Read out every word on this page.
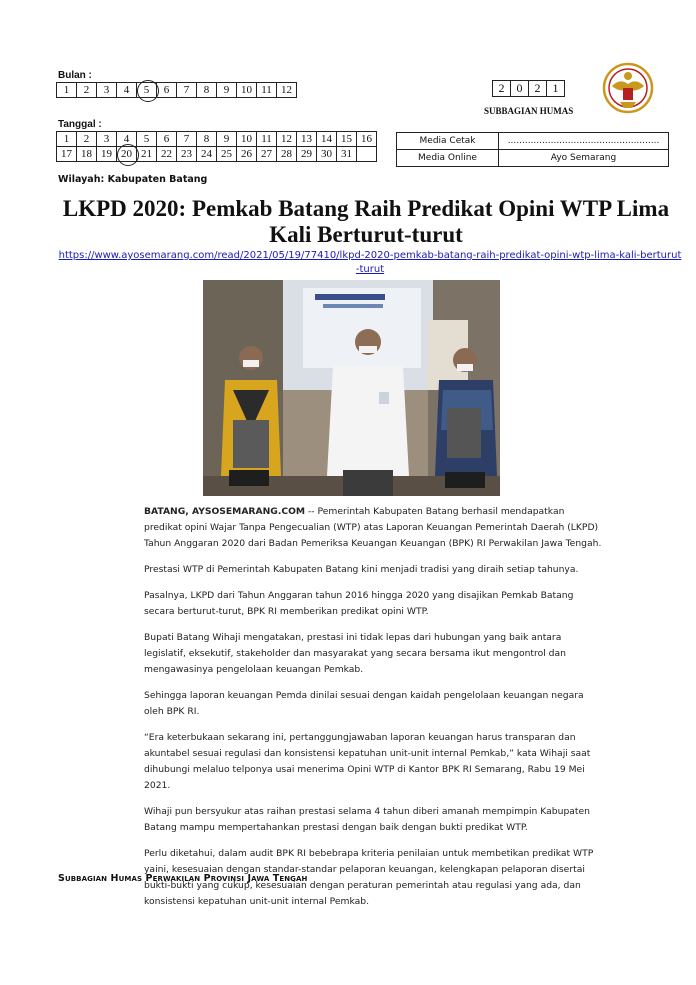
Bulan :
1	2	3	4	5	6	7	8	9	10	11	12	2	0	2	1
SUBBAGIAN HUMAS
Tanggal :
1	2	3	4	5	6	7	8	9	10	11	12	13	14	15	16
17	18	19	20	21	22	23	24	25	26	27	28	29	30	31	
Media Cetak	.....................................................
Media Online	Ayo Semarang
Wilayah: Kabupaten Batang
LKPD 2020: Pemkab Batang Raih Predikat Opini WTP Lima Kali Berturut-turut
https://www.ayosemarang.com/read/2021/05/19/77410/lkpd-2020-pemkab-batang-raih-predikat-opini-wtp-lima-kali-berturut-turut

BATANG, AYSOSEMARANG.COM -- Pemerintah Kabupaten Batang berhasil mendapatkan predikat opini Wajar Tanpa Pengecualian (WTP) atas Laporan Keuangan Pemerintah Daerah (LKPD) Tahun Anggaran 2020 dari Badan Pemeriksa Keuangan Keuangan (BPK) RI Perwakilan Jawa Tengah.

Prestasi WTP di Pemerintah Kabupaten Batang kini menjadi tradisi yang diraih setiap tahunya.

Pasalnya, LKPD dari Tahun Anggaran tahun 2016 hingga 2020 yang disajikan Pemkab Batang secara berturut-turut, BPK RI memberikan predikat opini WTP.

Bupati Batang Wihaji mengatakan, prestasi ini tidak lepas dari hubungan yang baik antara legislatif, eksekutif, stakeholder dan masyarakat yang secara bersama ikut mengontrol dan mengawasinya pengelolaan keuangan Pemkab.

Sehingga laporan keuangan Pemda dinilai sesuai dengan kaidah pengelolaan keuangan negara oleh BPK RI.

“Era keterbukaan sekarang ini, pertanggungjawaban laporan keuangan harus transparan dan akuntabel sesuai regulasi dan konsistensi kepatuhan unit-unit internal Pemkab,” kata Wihaji saat dihubungi melaluo telponya usai menerima Opini WTP di Kantor BPK RI Semarang, Rabu 19 Mei 2021.

Wihaji pun bersyukur atas raihan prestasi selama 4 tahun diberi amanah mempimpin Kabupaten Batang mampu mempertahankan prestasi dengan baik dengan bukti predikat WTP.

Perlu diketahui, dalam audit BPK RI bebebrapa kriteria penilaian untuk membetikan predikat WTP yaini, kesesuaian dengan standar-standar pelaporan keuangan, kelengkapan pelaporan disertai bukti-bukti yang cukup, kesesuaian dengan peraturan pemerintah atau regulasi yang ada, dan konsistensi kepatuhan unit-unit internal Pemkab.

Subbagian Humas Perwakilan Provinsi Jawa Tengah
